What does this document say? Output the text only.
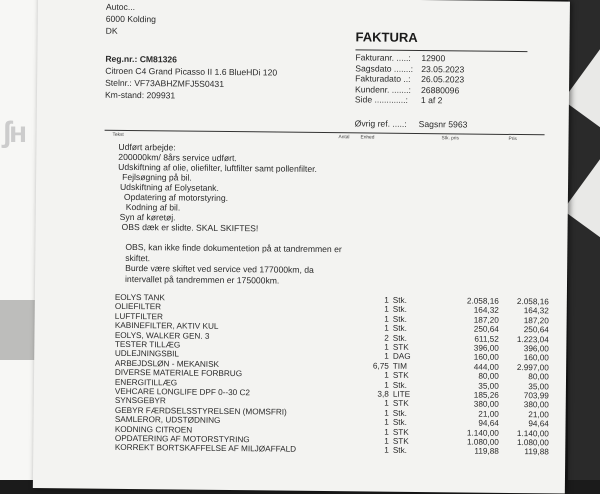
ʃʜ
Autoc...
6000 Kolding
DK	FAKTURA
Reg.nr.: CM81326
Citroen C4 Grand Picasso II 1.6 BlueHDi 120
Stelnr.: VF73ABHZMFJ5S0431
Km-stand: 209931
Fakturanr. .....: 12900
Sagsdato .......: 23.05.2023
Fakturadato ..: 26.05.2023
Kundenr. .......: 26880096
Side .............: 1 af 2
Øvrig ref. .....: Sagsnr 5963
Tekst	Antal Enhed	Stk. pris	Pris
Udført arbejde:
200000km/ 8års service udført.
Udskiftning af olie, oliefilter, luftfilter samt pollenfilter.
Fejlsøgning på bil.
Udskiftning af Eolysetank.
Opdatering af motorstyring.
Kodning af bil.
Syn af køretøj.
OBS dæk er slidte. SKAL SKIFTES!
OBS, kan ikke finde dokumentetion på at tandremmen er
skiftet.
Burde være skiftet ved service ved 177000km, da
intervallet på tandremmen er 175000km.
EOLYS TANK	1 Stk.	2.058,16 2.058,16
OLIEFILTER	1 Stk.	164,32	164,32
LUFTFILTER	1 Stk.	187,20	187,20
KABINEFILTER, AKTIV KUL	1 Stk.	250,64	250,64
EOLYS, WALKER GEN. 3	2 Stk.	611,52 1.223,04
TESTER TILLÆG	1 STK	396,00	396,00
UDLEJNINGSBIL	1 DAG	160,00	160,00
ARBEJDSLØN - MEKANISK	6,75 TIM	444,00 2.997,00
DIVERSE MATERIALE FORBRUG	1 STK	80,00	80,00
ENERGITILLÆG	1 Stk.	35,00	35,00
VEHCARE LONGLIFE DPF 0--30 C2	3,8 LITE	185,26	703,99
SYNSGEBYR	1 STK	380,00	380,00
GEBYR FÆRDSELSSTYRELSEN (MOMSFRI)	1 Stk.	21,00	21,00
SAMLEROR, UDSTØDNING	1 Stk.	94,64	94,64
KODNING CITROEN	1 STK	1.140,00 1.140,00
OPDATERING AF MOTORSTYRING	1 STK	1.080,00 1.080,00
KORREKT BORTSKAFFELSE AF MILJØAFFALD	1 Stk.	119,88	119,88
